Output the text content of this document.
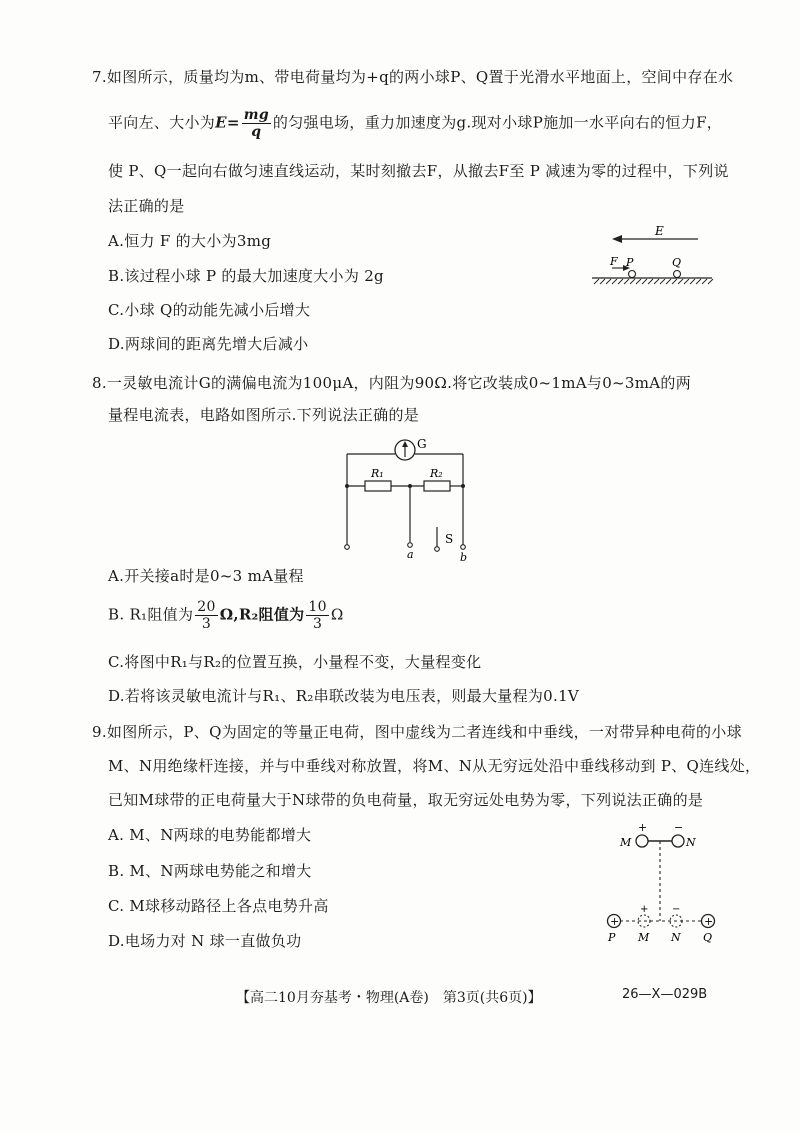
7.如图所示，质量均为m、带电荷量均为+q的两小球P、Q置于光滑水平地面上，空间中存在水
平向左、大小为$E= \frac{mg}{q}$ 的匀强电场，重力加速度为g.现对小球P施加一水平向右的恒力F，
使 P、Q一起向右做匀速直线运动，某时刻撤去F，从撤去F至 P 减速为零的过程中，下列说
法正确的是
A.恒力 F 的大小为3mg
B.该过程小球 P 的最大加速度大小为 2g
C.小球 Q的动能先减小后增大
D.两球间的距离先增大后减小
E
F P	Q
8.一灵敏电流计G的满偏电流为100μA，内阻为90Ω.将它改装成0~1mA与0~3mA的两
量程电流表，电路如图所示.下列说法正确的是
G
R₁	R₂
S
a	b
A.开关接a时是0~3 mA量程
B. R₁阻值为 $\frac{20}{3} \Omega,R_2$阻值为 $\frac{10}{3}$ Ω
C.将图中R₁与R₂的位置互换，小量程不变，大量程变化
D.若将该灵敏电流计与R₁、R₂串联改装为电压表，则最大量程为0.1V
9.如图所示，P、Q为固定的等量正电荷，图中虚线为二者连线和中垂线，一对带异种电荷的小球
M、N用绝缘杆连接，并与中垂线对称放置，将M、N从无穷远处沿中垂线移动到 P、Q连线处，
已知M球带的正电荷量大于N球带的负电荷量，取无穷远处电势为零，下列说法正确的是
A. M、N两球的电势能都增大
B. M、N两球电势能之和增大
C. M球移动路径上各点电势升高
D.电场力对 N 球一直做负功
+ −
M	N
+	+
+ −
P M N Q
【高二10月夯基考・物理(A卷)　第3页(共6页)】	26—X—029B
